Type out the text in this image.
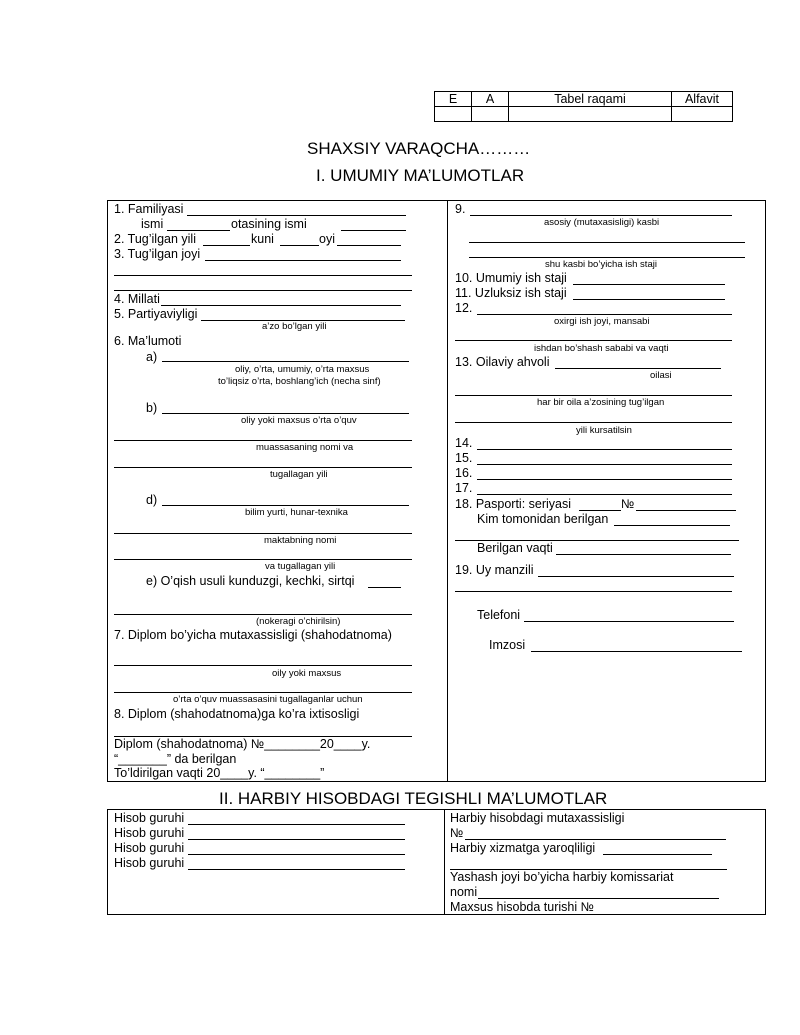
E	A	Tabel raqami	Alfavit

SHAXSIY VARAQCHA………
I. UMUMIY MA’LUMOTLAR
1. Familiyasi
ismi	otasining ismi
2. Tug’ilgan yili	kuni	oyi
3. Tug’ilgan joyi
4. Millati
5. Partiyaviyligi
a’zo bo’lgan yili
6. Ma’lumoti
a)
oliy, o’rta, umumiy, o’rta maxsus
to’liqsiz o’rta, boshlang’ich (necha sinf)
b)
oliy yoki maxsus o’rta o’quv
muassasaning nomi va
tugallagan yili
d)
bilim yurti, hunar-texnika
maktabning nomi
va tugallagan yili
e) O’qish usuli kunduzgi, kechki, sirtqi
(nokeragi o’chirilsin)
7. Diplom bo’yicha mutaxassisligi (shahodatnoma)
oily yoki maxsus
o’rta o’quv muassasasini tugallaganlar uchun
8. Diplom (shahodatnoma)ga ko’ra ixtisosligi
Diplom (shahodatnoma) №________20____y.
“_______” da berilgan
To’ldirilgan vaqti 20____y. “________”
9.
asosiy (mutaxasisligi) kasbi
shu kasbi bo’yicha ish staji
10. Umumiy ish staji
11. Uzluksiz ish staji
12.
oxirgi ish joyi, mansabi
ishdan bo’shash sababi va vaqti
13. Oilaviy ahvoli
oilasi
har bir oila a’zosining tug’ilgan
yili kursatilsin
14.
15.
16.
17.
18. Pasporti: seriyasi	№
Kim tomonidan berilgan
Berilgan vaqti
19. Uy manzili
Telefoni
Imzosi
II. HARBIY HISOBDAGI TEGISHLI MA’LUMOTLAR
Hisob guruhi
Hisob guruhi
Hisob guruhi
Hisob guruhi
Harbiy hisobdagi mutaxassisligi
№
Harbiy xizmatga yaroqliligi
Yashash joyi bo’yicha harbiy komissariat
nomi
Maxsus hisobda turishi №
